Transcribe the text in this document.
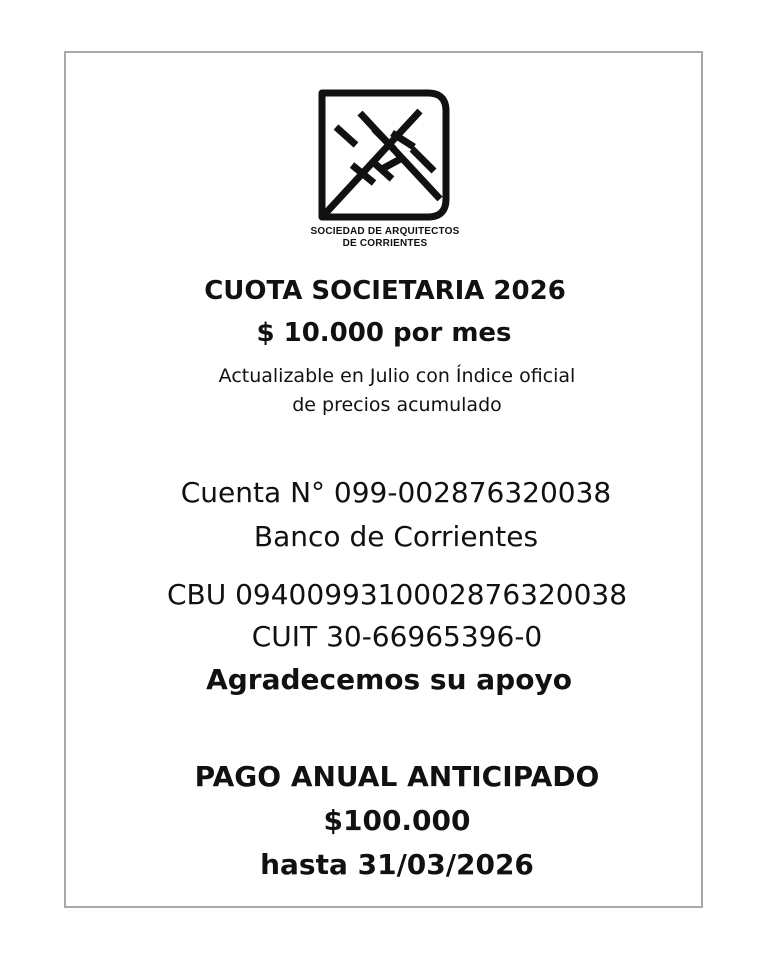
SOCIEDAD DE ARQUITECTOS
DE CORRIENTES
CUOTA SOCIETARIA 2026
$ 10.000 por mes
Actualizable en Julio con Índice oficial
de precios acumulado
Cuenta N° 099-002876320038
Banco de Corrientes
CBU 0940099310002876320038
CUIT 30-66965396-0
Agradecemos su apoyo
PAGO ANUAL ANTICIPADO
$100.000
hasta 31/03/2026
